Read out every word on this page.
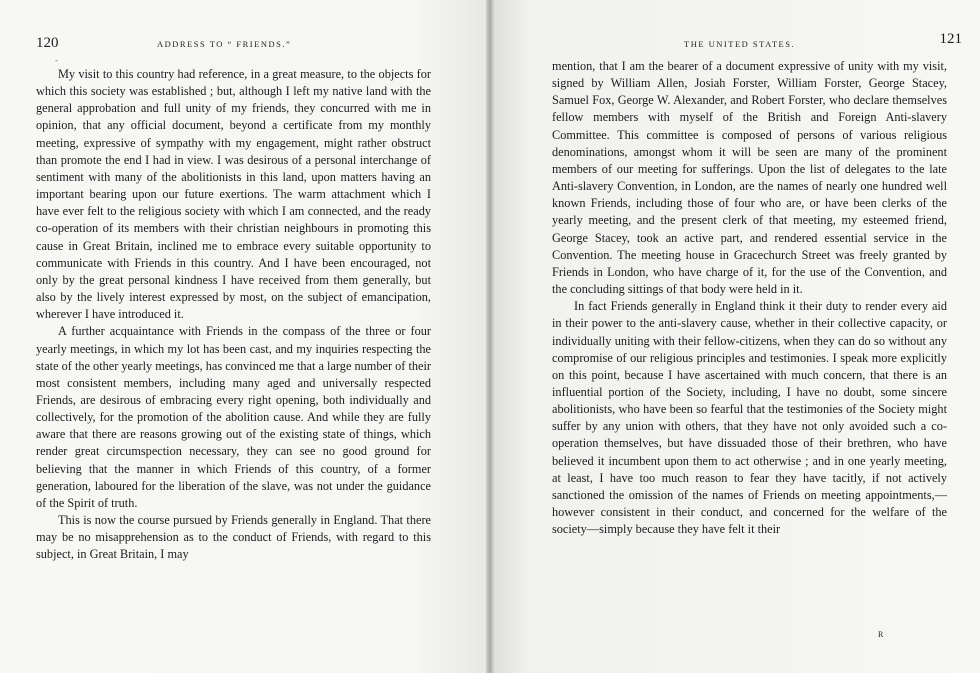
120	ADDRESS TO “ FRIENDS.”
-

My visit to this country had reference, in a great measure, to the objects for which this society was established ; but, although I left my native land with the general approbation and full unity of my friends, they concurred with me in opinion, that any official document, beyond a certificate from my monthly meeting, expressive of sympathy with my engagement, might rather obstruct than promote the end I had in view. I was desirous of a personal interchange of sentiment with many of the abolitionists in this land, upon matters having an important bearing upon our future exertions. The warm attachment which I have ever felt to the religious society with which I am connected, and the ready co-operation of its members with their christian neighbours in promoting this cause in Great Britain, inclined me to embrace every suitable opportunity to communicate with Friends in this country. And I have been encouraged, not only by the great personal kindness I have received from them generally, but also by the lively interest expressed by most, on the subject of emancipation, wherever I have introduced it.

A further acquaintance with Friends in the compass of the three or four yearly meetings, in which my lot has been cast, and my inquiries respecting the state of the other yearly meetings, has convinced me that a large number of their most consistent members, including many aged and universally respected Friends, are desirous of embracing every right opening, both individually and collectively, for the promotion of the abolition cause. And while they are fully aware that there are reasons growing out of the existing state of things, which render great circumspection necessary, they can see no good ground for believing that the manner in which Friends of this country, of a former generation, laboured for the liberation of the slave, was not under the guidance of the Spirit of truth.

This is now the course pursued by Friends generally in England. That there may be no misapprehension as to the conduct of Friends, with regard to this subject, in Great Britain, I may

THE UNITED STATES.	121

mention, that I am the bearer of a document expressive of unity with my visit, signed by William Allen, Josiah Forster, William Forster, George Stacey, Samuel Fox, George W. Alexander, and Robert Forster, who declare themselves fellow members with myself of the British and Foreign Anti-slavery Committee. This committee is composed of persons of various religious denominations, amongst whom it will be seen are many of the prominent members of our meeting for sufferings. Upon the list of delegates to the late Anti-slavery Convention, in London, are the names of nearly one hundred well known Friends, including those of four who are, or have been clerks of the yearly meeting, and the present clerk of that meeting, my esteemed friend, George Stacey, took an active part, and rendered essential service in the Convention. The meeting house in Gracechurch Street was freely granted by Friends in London, who have charge of it, for the use of the Convention, and the concluding sittings of that body were held in it.

In fact Friends generally in England think it their duty to render every aid in their power to the anti-slavery cause, whether in their collective capacity, or individually uniting with their fellow-citizens, when they can do so without any compromise of our religious principles and testimonies. I speak more explicitly on this point, because I have ascertained with much concern, that there is an influential portion of the Society, including, I have no doubt, some sincere abolitionists, who have been so fearful that the testimonies of the Society might suffer by any union with others, that they have not only avoided such a co-operation themselves, but have dissuaded those of their brethren, who have believed it incumbent upon them to act otherwise ; and in one yearly meeting, at least, I have too much reason to fear they have tacitly, if not actively sanctioned the omission of the names of Friends on meeting appointments,— however consistent in their conduct, and concerned for the welfare of the society—simply because they have felt it their

R
